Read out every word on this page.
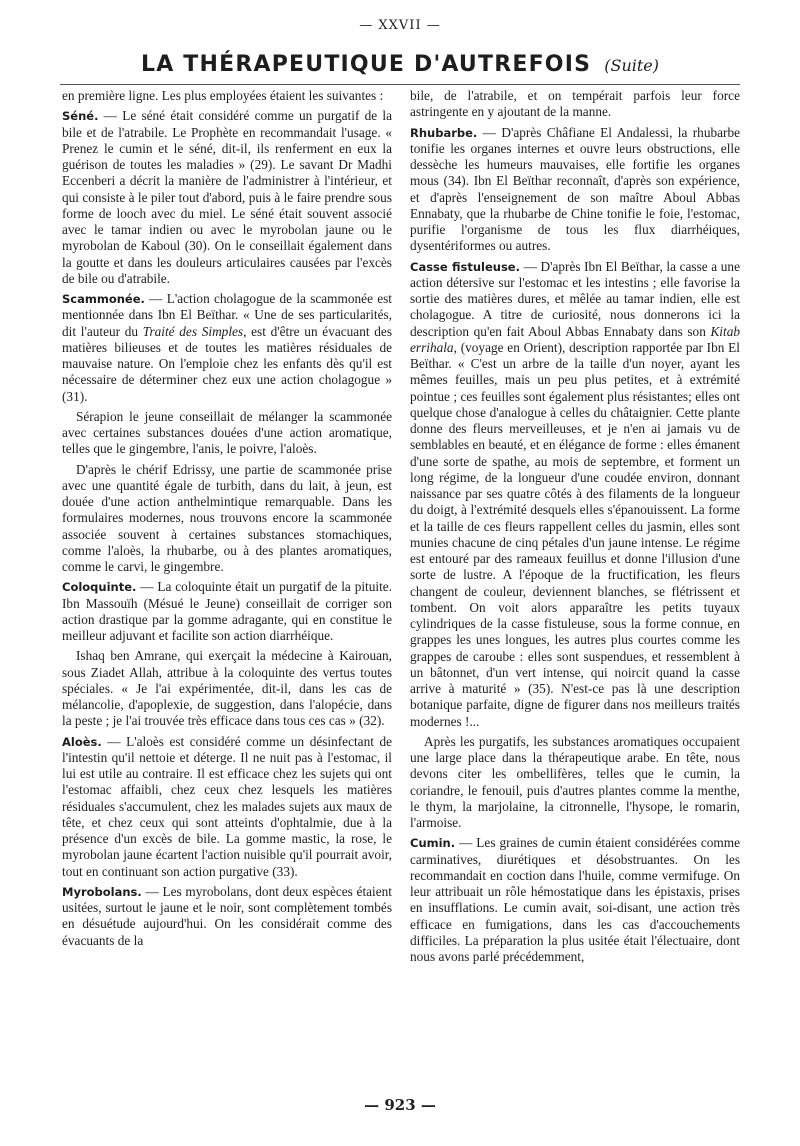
— XXVII —
LA THÉRAPEUTIQUE D'AUTREFOIS (Suite)

en première ligne. Les plus employées étaient les suivantes :

Séné. — Le séné était considéré comme un purgatif de la bile et de l'atrabile. Le Prophète en recommandait l'usage. « Prenez le cumin et le séné, dit-il, ils renferment en eux la guérison de toutes les maladies » (29). Le savant Dr Madhi Eccenberi a décrit la manière de l'administrer à l'intérieur, et qui consiste à le piler tout d'abord, puis à le faire prendre sous forme de looch avec du miel. Le séné était souvent associé avec le tamar indien ou avec le myrobolan jaune ou le myrobolan de Kaboul (30). On le conseillait également dans la goutte et dans les douleurs articulaires causées par l'excès de bile ou d'atrabile.

Scammonée. — L'action cholagogue de la scammonée est mentionnée dans Ibn El Beïthar. « Une de ses particularités, dit l'auteur du Traité des Simples, est d'être un évacuant des matières bilieuses et de toutes les matières résiduales de mauvaise nature. On l'emploie chez les enfants dès qu'il est nécessaire de déterminer chez eux une action cholagogue » (31).

Sérapion le jeune conseillait de mélanger la scammonée avec certaines substances douées d'une action aromatique, telles que le gingembre, l'anis, le poivre, l'aloès.

D'après le chérif Edrissy, une partie de scammonée prise avec une quantité égale de turbith, dans du lait, à jeun, est douée d'une action anthelmintique remarquable. Dans les formulaires modernes, nous trouvons encore la scammonée associée souvent à certaines substances stomachiques, comme l'aloès, la rhubarbe, ou à des plantes aromatiques, comme le carvi, le gingembre.

Coloquinte. — La coloquinte était un purgatif de la pituite. Ibn Massouïh (Mésué le Jeune) conseillait de corriger son action drastique par la gomme adragante, qui en constitue le meilleur adjuvant et facilite son action diarrhéique.

Ishaq ben Amrane, qui exerçait la médecine à Kairouan, sous Ziadet Allah, attribue à la coloquinte des vertus toutes spéciales. « Je l'ai expérimentée, dit-il, dans les cas de mélancolie, d'apoplexie, de suggestion, dans l'alopécie, dans la peste ; je l'ai trouvée très efficace dans tous ces cas » (32).

Aloès. — L'aloès est considéré comme un désinfectant de l'intestin qu'il nettoie et déterge. Il ne nuit pas à l'estomac, il lui est utile au contraire. Il est efficace chez les sujets qui ont l'estomac affaibli, chez ceux chez lesquels les matières résiduales s'accumulent, chez les malades sujets aux maux de tête, et chez ceux qui sont atteints d'ophtalmie, due à la présence d'un excès de bile. La gomme mastic, la rose, le myrobolan jaune écartent l'action nuisible qu'il pourrait avoir, tout en continuant son action purgative (33).

Myrobolans. — Les myrobolans, dont deux espèces étaient usitées, surtout le jaune et le noir, sont complètement tombés en désuétude aujourd'hui. On les considérait comme des évacuants de la

bile, de l'atrabile, et on tempérait parfois leur force astringente en y ajoutant de la manne.

Rhubarbe. — D'après Châfiane El Andalessi, la rhubarbe tonifie les organes internes et ouvre leurs obstructions, elle dessèche les humeurs mauvaises, elle fortifie les organes mous (34). Ibn El Beïthar reconnaît, d'après son expérience, et d'après l'enseignement de son maître Aboul Abbas Ennabaty, que la rhubarbe de Chine tonifie le foie, l'estomac, purifie l'organisme de tous les flux diarrhéiques, dysentériformes ou autres.

Casse fistuleuse. — D'après Ibn El Beïthar, la casse a une action détersive sur l'estomac et les intestins ; elle favorise la sortie des matières dures, et mêlée au tamar indien, elle est cholagogue. A titre de curiosité, nous donnerons ici la description qu'en fait Aboul Abbas Ennabaty dans son Kitab errihala, (voyage en Orient), description rapportée par Ibn El Beïthar. « C'est un arbre de la taille d'un noyer, ayant les mêmes feuilles, mais un peu plus petites, et à extrémité pointue ; ces feuilles sont également plus résistantes; elles ont quelque chose d'analogue à celles du châtaignier. Cette plante donne des fleurs merveilleuses, et je n'en ai jamais vu de semblables en beauté, et en élégance de forme : elles émanent d'une sorte de spathe, au mois de septembre, et forment un long régime, de la longueur d'une coudée environ, donnant naissance par ses quatre côtés à des filaments de la longueur du doigt, à l'extrémité desquels elles s'épanouissent. La forme et la taille de ces fleurs rappellent celles du jasmin, elles sont munies chacune de cinq pétales d'un jaune intense. Le régime est entouré par des rameaux feuillus et donne l'illusion d'une sorte de lustre. A l'époque de la fructification, les fleurs changent de couleur, deviennent blanches, se flétrissent et tombent. On voit alors apparaître les petits tuyaux cylindriques de la casse fistuleuse, sous la forme connue, en grappes les unes longues, les autres plus courtes comme les grappes de caroube : elles sont suspendues, et ressemblent à un bâtonnet, d'un vert intense, qui noircit quand la casse arrive à maturité » (35). N'est-ce pas là une description botanique parfaite, digne de figurer dans nos meilleurs traités modernes !...

Après les purgatifs, les substances aromatiques occupaient une large place dans la thérapeutique arabe. En tête, nous devons citer les ombellifères, telles que le cumin, la coriandre, le fenouil, puis d'autres plantes comme la menthe, le thym, la marjolaine, la citronnelle, l'hysope, le romarin, l'armoise.

Cumin. — Les graines de cumin étaient considérées comme carminatives, diurétiques et désobstruantes. On les recommandait en coction dans l'huile, comme vermifuge. On leur attribuait un rôle hémostatique dans les épistaxis, prises en insufflations. Le cumin avait, soi-disant, une action très efficace en fumigations, dans les cas d'accouchements difficiles. La préparation la plus usitée était l'électuaire, dont nous avons parlé précédemment,

— 923 —
